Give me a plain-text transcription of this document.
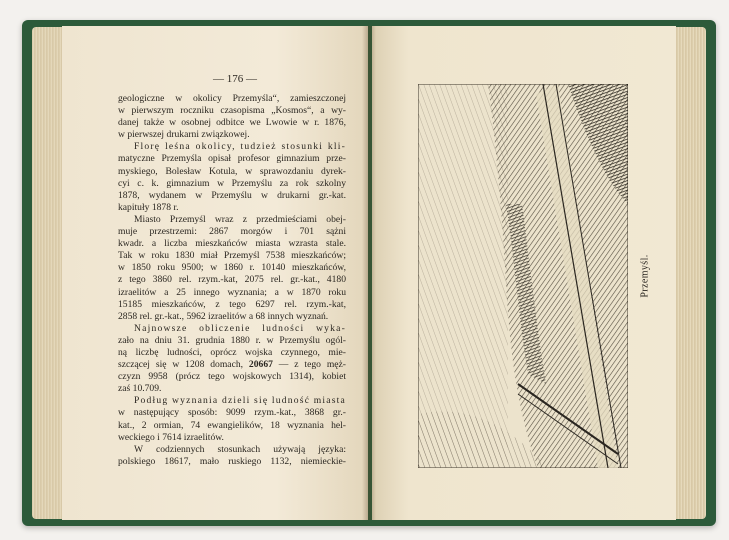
— 176 —

geologiczne w okolicy Przemyśla“, zamieszczonej

w pierwszym roczniku czasopisma „Kosmos“, a wy-

danej także w osobnej odbitce we Lwowie w r. 1876,

w pierwszej drukarni związkowej.

Florę leśna okolicy, tudzież stosunki kli-

matyczne Przemyśla opisał profesor gimnazium prze-

myskiego, Bolesław Kotula, w sprawozdaniu dyrek-

cyi c. k. gimnazium w Przemyślu za rok szkolny

1878, wydanem w Przemyślu w drukarni gr.-kat.

kapituły 1878 r.

Miasto Przemyśl wraz z przedmieściami obej-

muje przestrzemi: 2867 morgów i 701 sążni

kwadr. a liczba mieszkańców miasta wzrasta stale.

Tak w roku 1830 miał Przemyśl 7538 mieszkańców;

w 1850 roku 9500; w 1860 r. 10140 mieszkańców,

z tego 3860 rel. rzym.-kat, 2075 rel. gr.-kat., 4180

izraelitów a 25 innego wyznania; a w 1870 roku

15185 mieszkańców, z tego 6297 rel. rzym.-kat,

2858 rel. gr.-kat., 5962 izraelitów a 68 innych wyznań.

Najnowsze obliczenie ludności wyka-

zało na dniu 31. grudnia 1880 r. w Przemyślu ogól-

ną liczbę ludności, oprócz wojska czynnego, mie-

szczącej się w 1208 domach, 20667 — z tego męż-

czyzn 9958 (prócz tego wojskowych 1314), kobiet

zaś 10.709.

Podług wyznania dzieli się ludność miasta

w następujący sposób: 9099 rzym.-kat., 3868 gr.-

kat., 2 ormian, 74 ewangielików, 18 wyznania hel-

weckiego i 7614 izraelitów.

W codziennych stosunkach używają języka:

polskiego 18617, mało ruskiego 1132, niemieckie-

Przemyśl.
